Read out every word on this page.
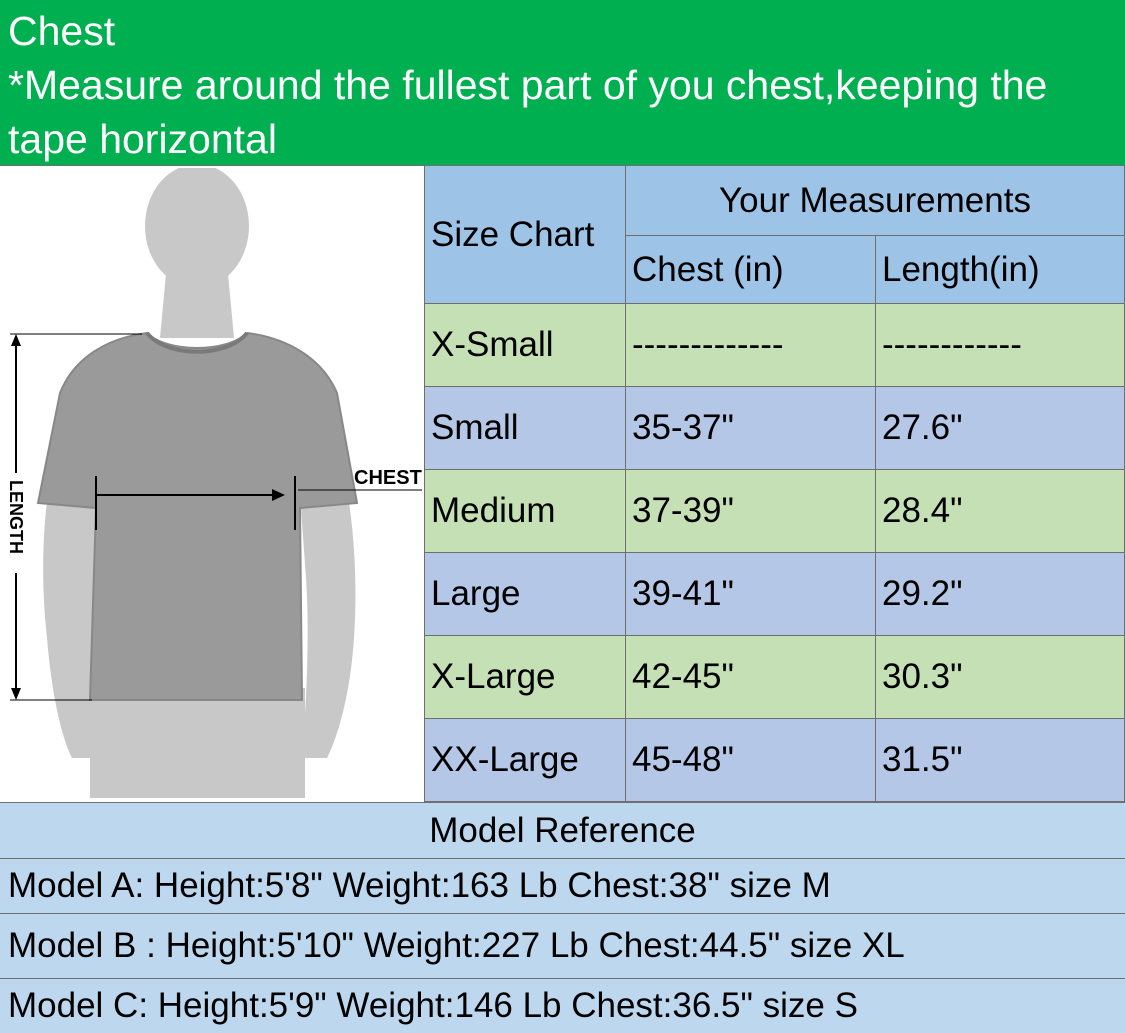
Chest
*Measure around the fullest part of you chest,keeping the
tape horizontal
CHEST
LENGTH
Size Chart
Your Measurements
Chest (in)	Length(in)
X-Small	-------------	------------
Small	35-37"	27.6"
Medium	37-39"	28.4"
Large	39-41"	29.2"
X-Large	42-45"	30.3"
XX-Large	45-48"	31.5"
Model Reference
Model A: Height:5'8" Weight:163 Lb Chest:38" size M
Model B : Height:5'10" Weight:227 Lb Chest:44.5" size XL
Model C: Height:5'9" Weight:146 Lb Chest:36.5" size S
